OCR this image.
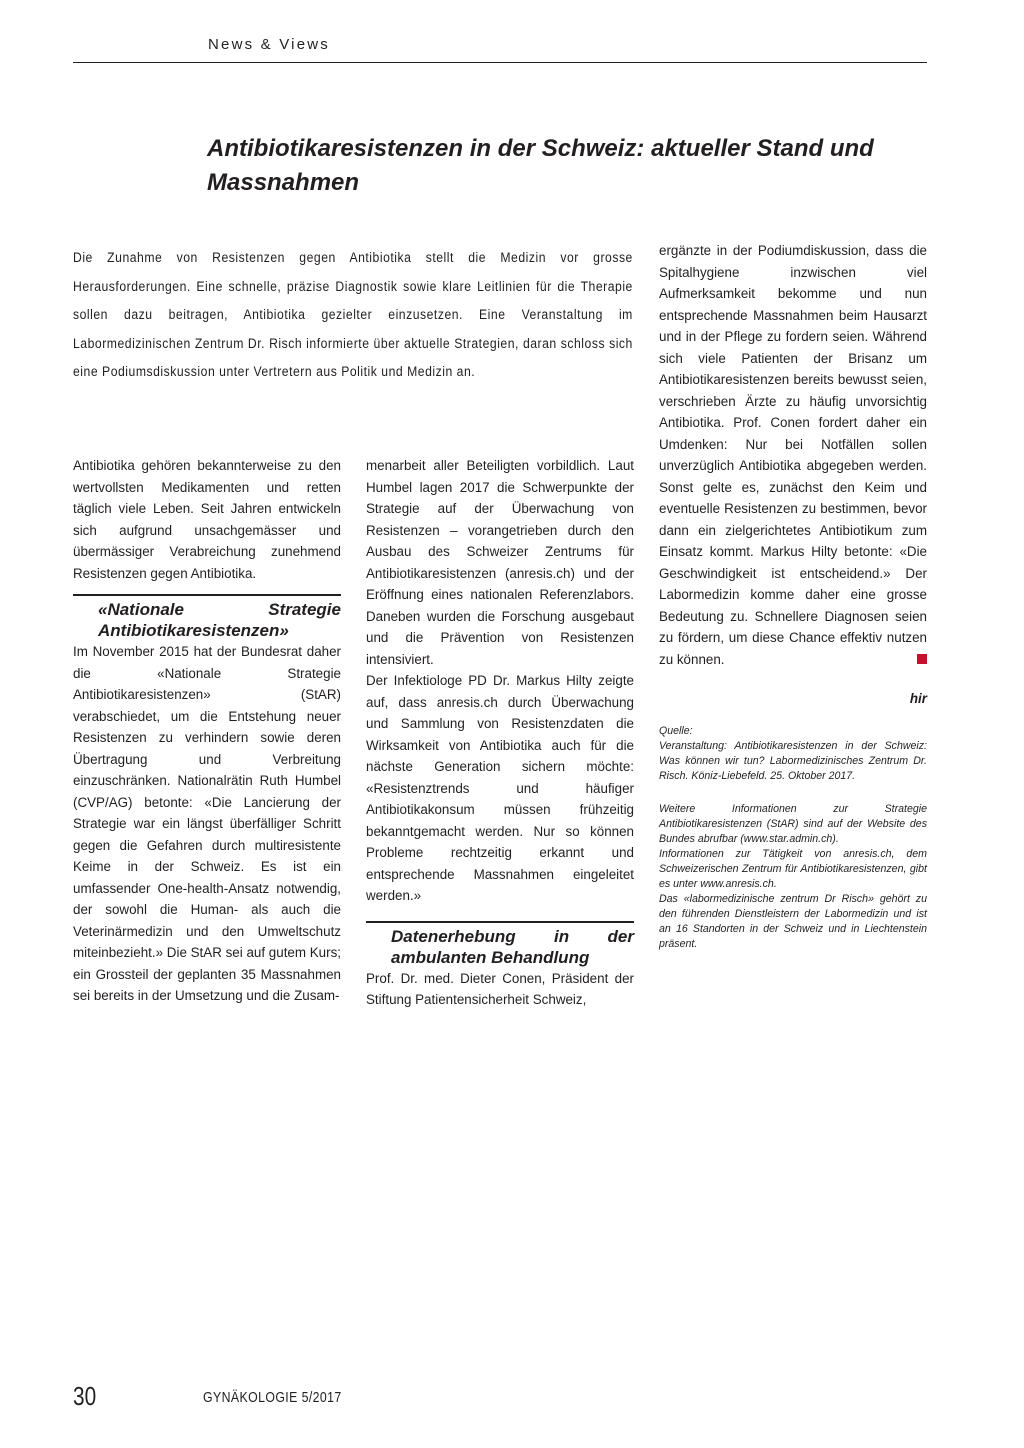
News & Views
Antibiotikaresistenzen in der Schweiz: aktueller Stand und Massnahmen

Die Zunahme von Resistenzen gegen Antibiotika stellt die Medizin vor grosse Herausforderungen. Eine schnelle, präzise Diagnostik sowie klare Leitlinien für die Therapie sollen dazu beitragen, Antibiotika gezielter einzusetzen. Eine Veranstaltung im Labormedizinischen Zentrum Dr. Risch informierte über aktuelle Strategien, daran schloss sich eine Podiumsdiskussion unter Vertretern aus Politik und Medizin an.

Antibiotika gehören bekannterweise zu den wertvollsten Medikamenten und retten täglich viele Leben. Seit Jahren entwickeln sich aufgrund unsachgemässer und übermässiger Verabreichung zunehmend Resistenzen gegen Antibiotika.

«Nationale Strategie Antibiotikaresistenzen»

Im November 2015 hat der Bundesrat daher die «Nationale Strategie Antibiotikaresistenzen» (StAR) verabschiedet, um die Entstehung neuer Resistenzen zu verhindern sowie deren Übertragung und Verbreitung einzuschränken. Nationalrätin Ruth Humbel (CVP/AG) betonte: «Die Lancierung der Strategie war ein längst überfälliger Schritt gegen die Gefahren durch multiresistente Keime in der Schweiz. Es ist ein umfassender One-health-Ansatz notwendig, der sowohl die Human- als auch die Veterinärmedizin und den Umweltschutz miteinbezieht.» Die StAR sei auf gutem Kurs; ein Grossteil der geplanten 35 Massnahmen sei bereits in der Umsetzung und die Zusam-

menarbeit aller Beteiligten vorbildlich. Laut Humbel lagen 2017 die Schwerpunkte der Strategie auf der Überwachung von Resistenzen – vorangetrieben durch den Ausbau des Schweizer Zentrums für Antibiotikaresistenzen (anresis.ch) und der Eröffnung eines nationalen Referenzlabors. Daneben wurden die Forschung ausgebaut und die Prävention von Resistenzen intensiviert.

Der Infektiologe PD Dr. Markus Hilty zeigte auf, dass anresis.ch durch Überwachung und Sammlung von Resistenzdaten die Wirksamkeit von Antibiotika auch für die nächste Generation sichern möchte: «Resistenztrends und häufiger Antibiotikakonsum müssen frühzeitig bekanntgemacht werden. Nur so können Probleme rechtzeitig erkannt und entsprechende Massnahmen eingeleitet werden.»

Datenerhebung in der ambulanten Behandlung

Prof. Dr. med. Dieter Conen, Präsident der Stiftung Patientensicherheit Schweiz,

ergänzte in der Podiumdiskussion, dass die Spitalhygiene inzwischen viel Aufmerksamkeit bekomme und nun entsprechende Massnahmen beim Hausarzt und in der Pflege zu fordern seien. Während sich viele Patienten der Brisanz um Antibiotikaresistenzen bereits bewusst seien, verschrieben Ärzte zu häufig unvorsichtig Antibiotika. Prof. Conen fordert daher ein Umdenken: Nur bei Notfällen sollen unverzüglich Antibiotika abgegeben werden. Sonst gelte es, zunächst den Keim und eventuelle Resistenzen zu bestimmen, bevor dann ein zielgerichtetes Antibiotikum zum Einsatz kommt. Markus Hilty betonte: «Die Geschwindigkeit ist entscheidend.» Der Labormedizin komme daher eine grosse Bedeutung zu. Schnellere Diagnosen seien zu fördern, um diese Chance effektiv nutzen zu können.

hir

Quelle:

Veranstaltung: Antibiotikaresistenzen in der Schweiz: Was können wir tun? Labormedizinisches Zentrum Dr. Risch. Köniz-Liebefeld. 25. Oktober 2017.

Weitere Informationen zur Strategie Antibiotikaresistenzen (StAR) sind auf der Website des Bundes abrufbar (www.star.admin.ch).

Informationen zur Tätigkeit von anresis.ch, dem Schweizerischen Zentrum für Antibiotikaresistenzen, gibt es unter www.anresis.ch.

Das «labormedizinische zentrum Dr Risch» gehört zu den führenden Dienstleistern der Labormedizin und ist an 16 Standorten in der Schweiz und in Liechtenstein präsent.

30	GYNÄKOLOGIE 5/2017
